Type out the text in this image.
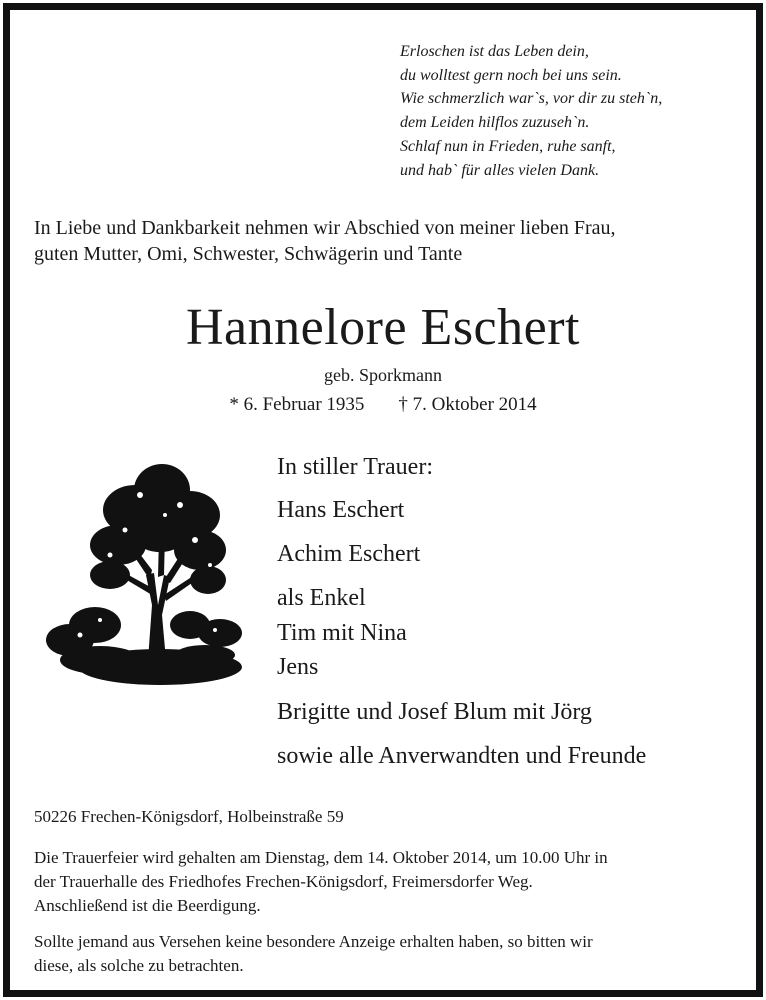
Erloschen ist das Leben dein,
du wolltest gern noch bei uns sein.
Wie schmerzlich war`s, vor dir zu steh`n,
dem Leiden hilflos zuzuseh`n.
Schlaf nun in Frieden, ruhe sanft,
und hab` für alles vielen Dank.
In Liebe und Dankbarkeit nehmen wir Abschied von meiner lieben Frau,
guten Mutter, Omi, Schwester, Schwägerin und Tante
Hannelore Eschert
geb. Sporkmann
* 6. Februar 1935 † 7. Oktober 2014
In stiller Trauer:
Hans Eschert
Achim Eschert
als Enkel
Tim mit Nina
Jens
Brigitte und Josef Blum mit Jörg
sowie alle Anverwandten und Freunde
50226 Frechen-Königsdorf, Holbeinstraße 59
Die Trauerfeier wird gehalten am Dienstag, dem 14. Oktober 2014, um 10.00 Uhr in
der Trauerhalle des Friedhofes Frechen-Königsdorf, Freimersdorfer Weg.
Anschließend ist die Beerdigung.
Sollte jemand aus Versehen keine besondere Anzeige erhalten haben, so bitten wir
diese, als solche zu betrachten.
